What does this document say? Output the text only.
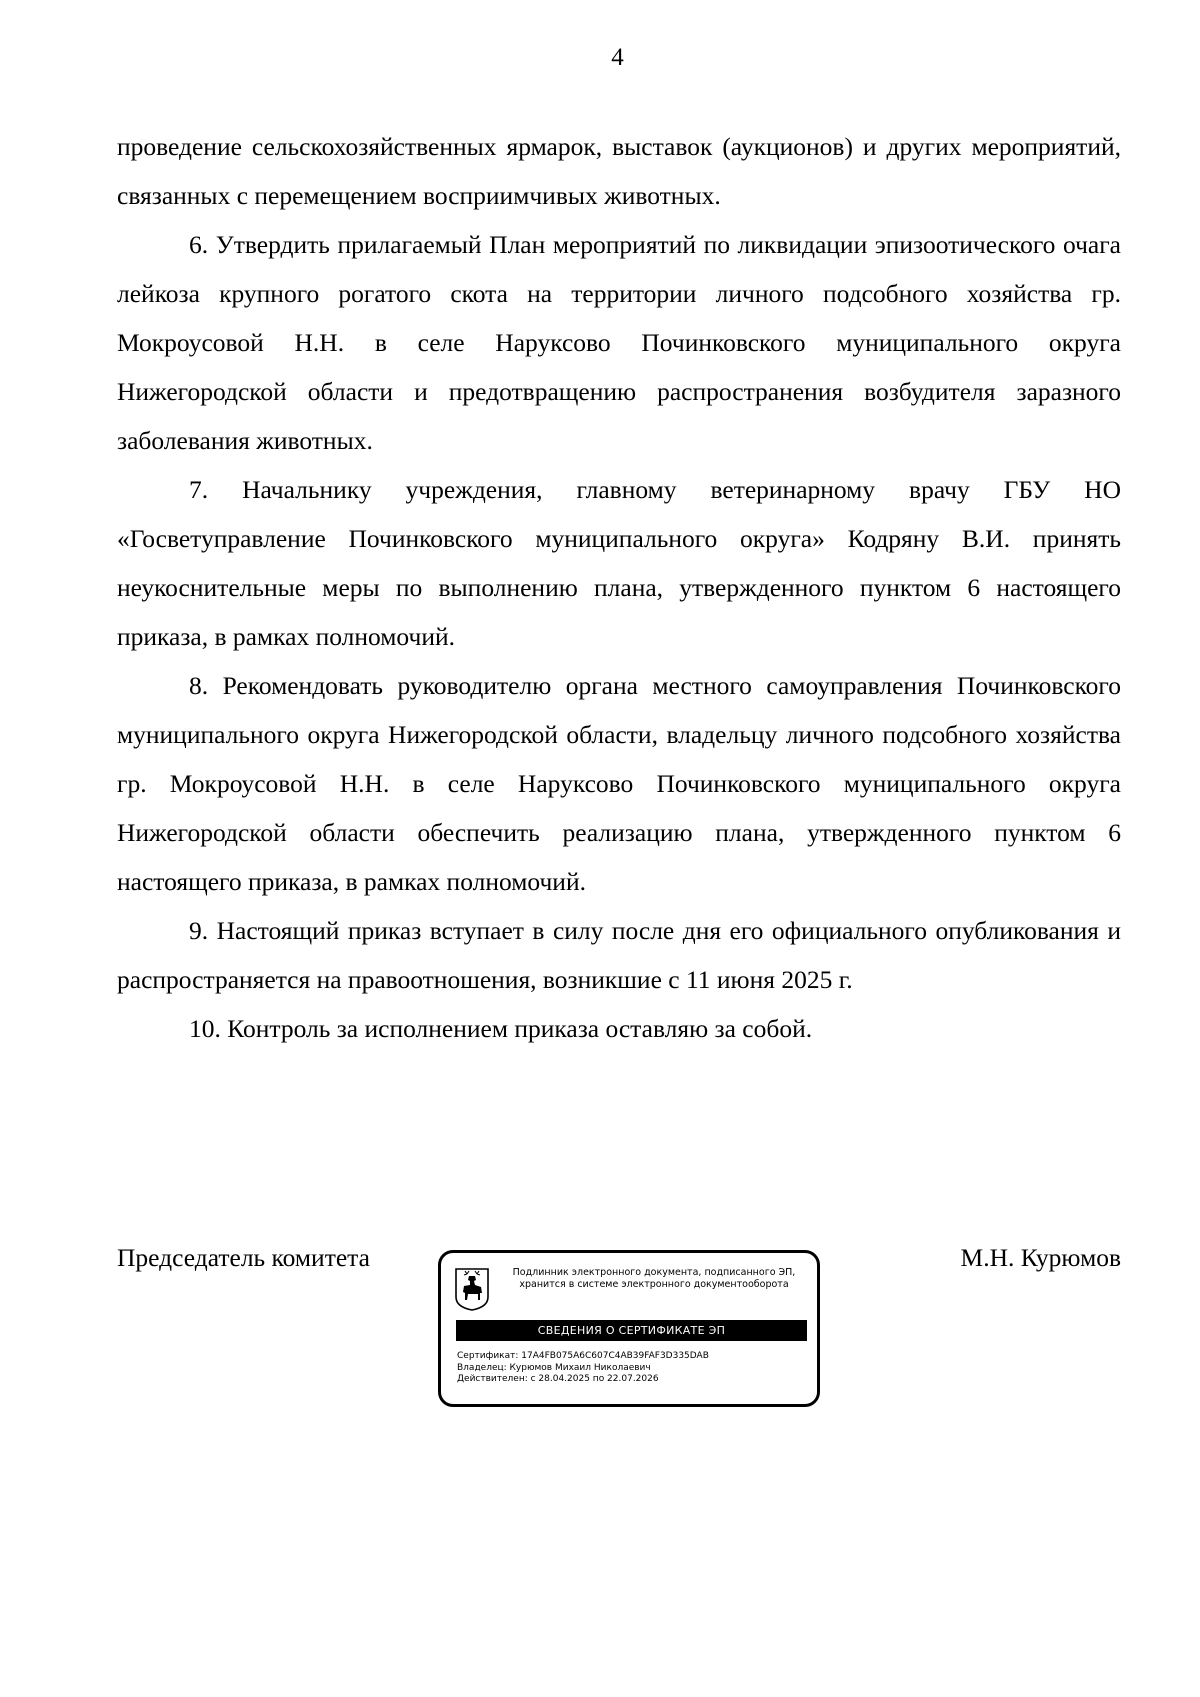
4

проведение сельскохозяйственных ярмарок, выставок (аукционов) и других мероприятий, связанных с перемещением восприимчивых животных.

6. Утвердить прилагаемый План мероприятий по ликвидации эпизоотического очага лейкоза крупного рогатого скота на территории личного подсобного хозяйства гр. Мокроусовой Н.Н. в селе Наруксово Починковского муниципального округа Нижегородской области и предотвращению распространения возбудителя заразного заболевания животных.

7. Начальнику учреждения, главному ветеринарному врачу ГБУ НО «Госветуправление Починковского муниципального округа» Кодряну В.И. принять неукоснительные меры по выполнению плана, утвержденного пунктом 6 настоящего приказа, в рамках полномочий.

8. Рекомендовать руководителю органа местного самоуправления Починковского муниципального округа Нижегородской области, владельцу личного подсобного хозяйства гр. Мокроусовой Н.Н. в селе Наруксово Починковского муниципального округа Нижегородской области обеспечить реализацию плана, утвержденного пунктом 6 настоящего приказа, в рамках полномочий.

9. Настоящий приказ вступает в силу после дня его официального опубликования и распространяется на правоотношения, возникшие с 11 июня 2025 г.

10. Контроль за исполнением приказа оставляю за собой.

Председатель комитета	М.Н. Курюмов
Подлинник электронного документа, подписанного ЭП,
хранится в системе электронного документооборота
СВЕДЕНИЯ О СЕРТИФИКАТЕ ЭП
Сертификат: 17A4FB075A6C607C4AB39FAF3D335DAB
Владелец: Курюмов Михаил Николаевич
Действителен: с 28.04.2025 по 22.07.2026
